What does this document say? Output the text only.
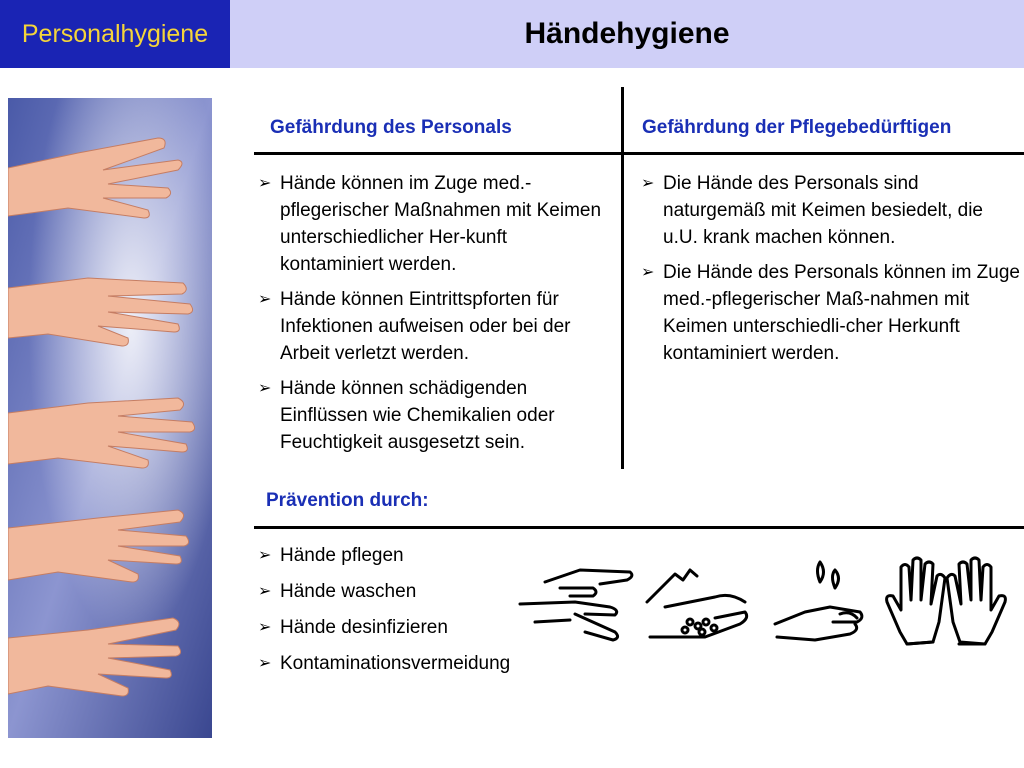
Personalhygiene	Händehygiene
Gefährdung des Personals	Gefährdung der Pflegebedürftigen
➢ Hände können im Zuge med.-pflegerischer Maßnahmen mit Keimen unterschiedlicher Her-kunft kontaminiert werden.
➢ Hände können Eintrittspforten für Infektionen aufweisen oder bei der Arbeit verletzt werden.
➢ Hände können schädigenden Einflüssen wie Chemikalien oder Feuchtigkeit ausgesetzt sein.
➢ Die Hände des Personals sind naturgemäß mit Keimen besiedelt, die u.U. krank machen können.
➢ Die Hände des Personals können im Zuge med.-pflegerischer Maß-nahmen mit Keimen unterschiedli-cher Herkunft kontaminiert werden.
Prävention durch:
➢ Hände pflegen
➢ Hände waschen
➢ Hände desinfizieren
➢ Kontaminationsvermeidung
